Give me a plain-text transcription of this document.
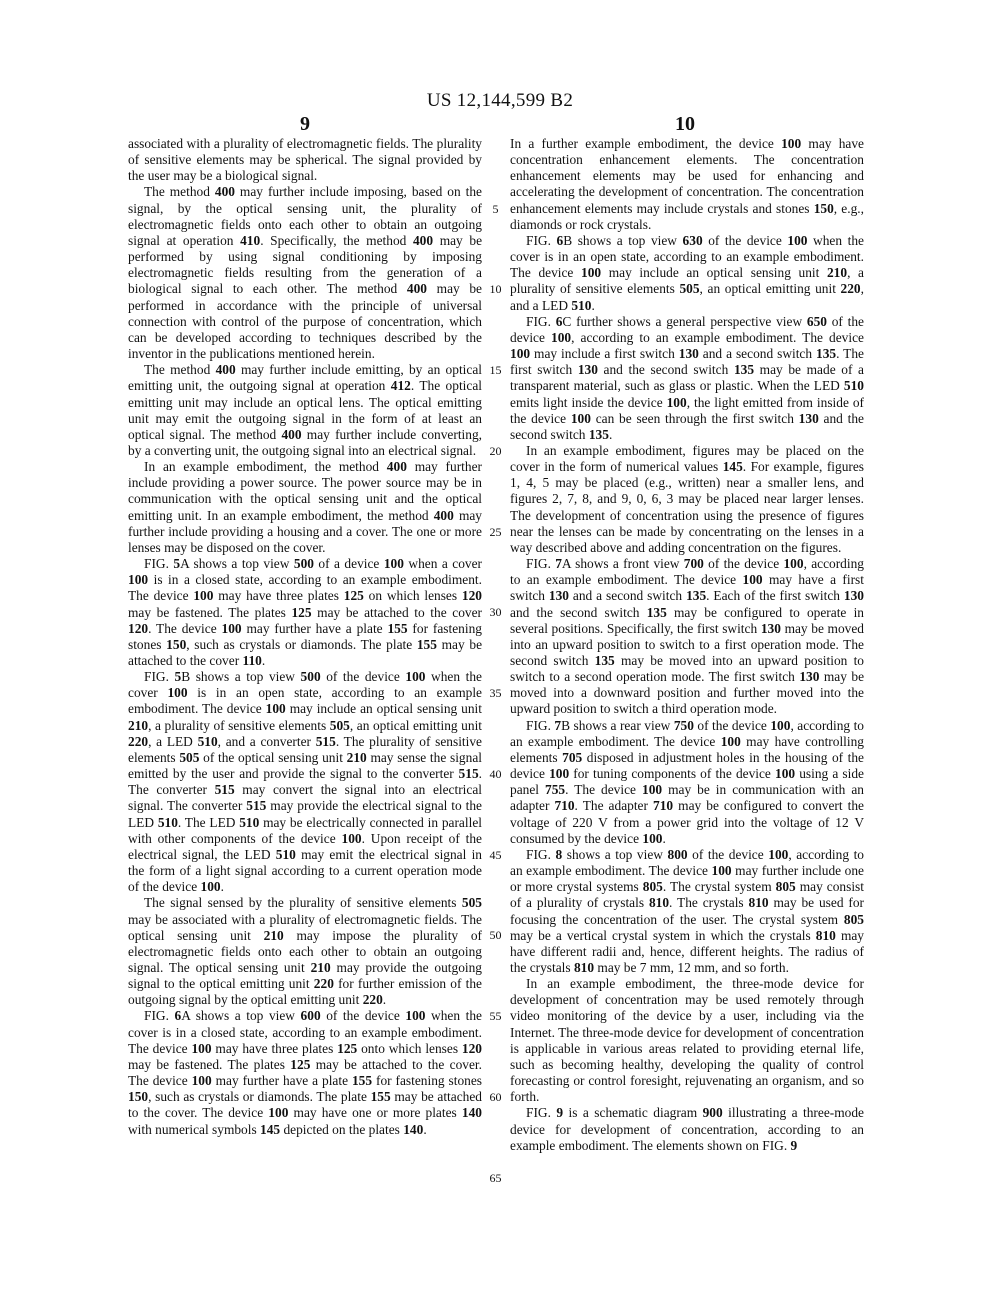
US 12,144,599 B2
9	10

associated with a plurality of electromagnetic fields. The plurality of sensitive elements may be spherical. The signal provided by the user may be a biological signal.

The method 400 may further include imposing, based on the signal, by the optical sensing unit, the plurality of electromagnetic fields onto each other to obtain an outgoing signal at operation 410. Specifically, the method 400 may be performed by using signal conditioning by imposing electromagnetic fields resulting from the generation of a biological signal to each other. The method 400 may be performed in accordance with the principle of universal connection with control of the purpose of concentration, which can be developed according to techniques described by the inventor in the publications mentioned herein.

The method 400 may further include emitting, by an optical emitting unit, the outgoing signal at operation 412. The optical emitting unit may include an optical lens. The optical emitting unit may emit the outgoing signal in the form of at least an optical signal. The method 400 may further include converting, by a converting unit, the outgoing signal into an electrical signal.

In an example embodiment, the method 400 may further include providing a power source. The power source may be in communication with the optical sensing unit and the optical emitting unit. In an example embodiment, the method 400 may further include providing a housing and a cover. The one or more lenses may be disposed on the cover.

FIG. 5A shows a top view 500 of a device 100 when a cover 100 is in a closed state, according to an example embodiment. The device 100 may have three plates 125 on which lenses 120 may be fastened. The plates 125 may be attached to the cover 120. The device 100 may further have a plate 155 for fastening stones 150, such as crystals or diamonds. The plate 155 may be attached to the cover 110.

FIG. 5B shows a top view 500 of the device 100 when the cover 100 is in an open state, according to an example embodiment. The device 100 may include an optical sensing unit 210, a plurality of sensitive elements 505, an optical emitting unit 220, a LED 510, and a converter 515. The plurality of sensitive elements 505 of the optical sensing unit 210 may sense the signal emitted by the user and provide the signal to the converter 515. The converter 515 may convert the signal into an electrical signal. The converter 515 may provide the electrical signal to the LED 510. The LED 510 may be electrically connected in parallel with other components of the device 100. Upon receipt of the electrical signal, the LED 510 may emit the electrical signal in the form of a light signal according to a current operation mode of the device 100.

The signal sensed by the plurality of sensitive elements 505 may be associated with a plurality of electromagnetic fields. The optical sensing unit 210 may impose the plurality of electromagnetic fields onto each other to obtain an outgoing signal. The optical sensing unit 210 may provide the outgoing signal to the optical emitting unit 220 for further emission of the outgoing signal by the optical emitting unit 220.

FIG. 6A shows a top view 600 of the device 100 when the cover is in a closed state, according to an example embodiment. The device 100 may have three plates 125 onto which lenses 120 may be fastened. The plates 125 may be attached to the cover. The device 100 may further have a plate 155 for fastening stones 150, such as crystals or diamonds. The plate 155 may be attached to the cover. The device 100 may have one or more plates 140 with numerical symbols 145 depicted on the plates 140.

5
10
15
20
25
30
35
40
45
50
55
60
65

In a further example embodiment, the device 100 may have concentration enhancement elements. The concentration enhancement elements may be used for enhancing and accelerating the development of concentration. The concentration enhancement elements may include crystals and stones 150, e.g., diamonds or rock crystals.

FIG. 6B shows a top view 630 of the device 100 when the cover is in an open state, according to an example embodiment. The device 100 may include an optical sensing unit 210, a plurality of sensitive elements 505, an optical emitting unit 220, and a LED 510.

FIG. 6C further shows a general perspective view 650 of the device 100, according to an example embodiment. The device 100 may include a first switch 130 and a second switch 135. The first switch 130 and the second switch 135 may be made of a transparent material, such as glass or plastic. When the LED 510 emits light inside the device 100, the light emitted from inside of the device 100 can be seen through the first switch 130 and the second switch 135.

In an example embodiment, figures may be placed on the cover in the form of numerical values 145. For example, figures 1, 4, 5 may be placed (e.g., written) near a smaller lens, and figures 2, 7, 8, and 9, 0, 6, 3 may be placed near larger lenses. The development of concentration using the presence of figures near the lenses can be made by concentrating on the lenses in a way described above and adding concentration on the figures.

FIG. 7A shows a front view 700 of the device 100, according to an example embodiment. The device 100 may have a first switch 130 and a second switch 135. Each of the first switch 130 and the second switch 135 may be configured to operate in several positions. Specifically, the first switch 130 may be moved into an upward position to switch to a first operation mode. The second switch 135 may be moved into an upward position to switch to a second operation mode. The first switch 130 may be moved into a downward position and further moved into the upward position to switch a third operation mode.

FIG. 7B shows a rear view 750 of the device 100, according to an example embodiment. The device 100 may have controlling elements 705 disposed in adjustment holes in the housing of the device 100 for tuning components of the device 100 using a side panel 755. The device 100 may be in communication with an adapter 710. The adapter 710 may be configured to convert the voltage of 220 V from a power grid into the voltage of 12 V consumed by the device 100.

FIG. 8 shows a top view 800 of the device 100, according to an example embodiment. The device 100 may further include one or more crystal systems 805. The crystal system 805 may consist of a plurality of crystals 810. The crystals 810 may be used for focusing the concentration of the user. The crystal system 805 may be a vertical crystal system in which the crystals 810 may have different radii and, hence, different heights. The radius of the crystals 810 may be 7 mm, 12 mm, and so forth.

In an example embodiment, the three-mode device for development of concentration may be used remotely through video monitoring of the device by a user, including via the Internet. The three-mode device for development of concentration is applicable in various areas related to providing eternal life, such as becoming healthy, developing the quality of control forecasting or control foresight, rejuvenating an organism, and so forth.

FIG. 9 is a schematic diagram 900 illustrating a three-mode device for development of concentration, according to an example embodiment. The elements shown on FIG. 9
